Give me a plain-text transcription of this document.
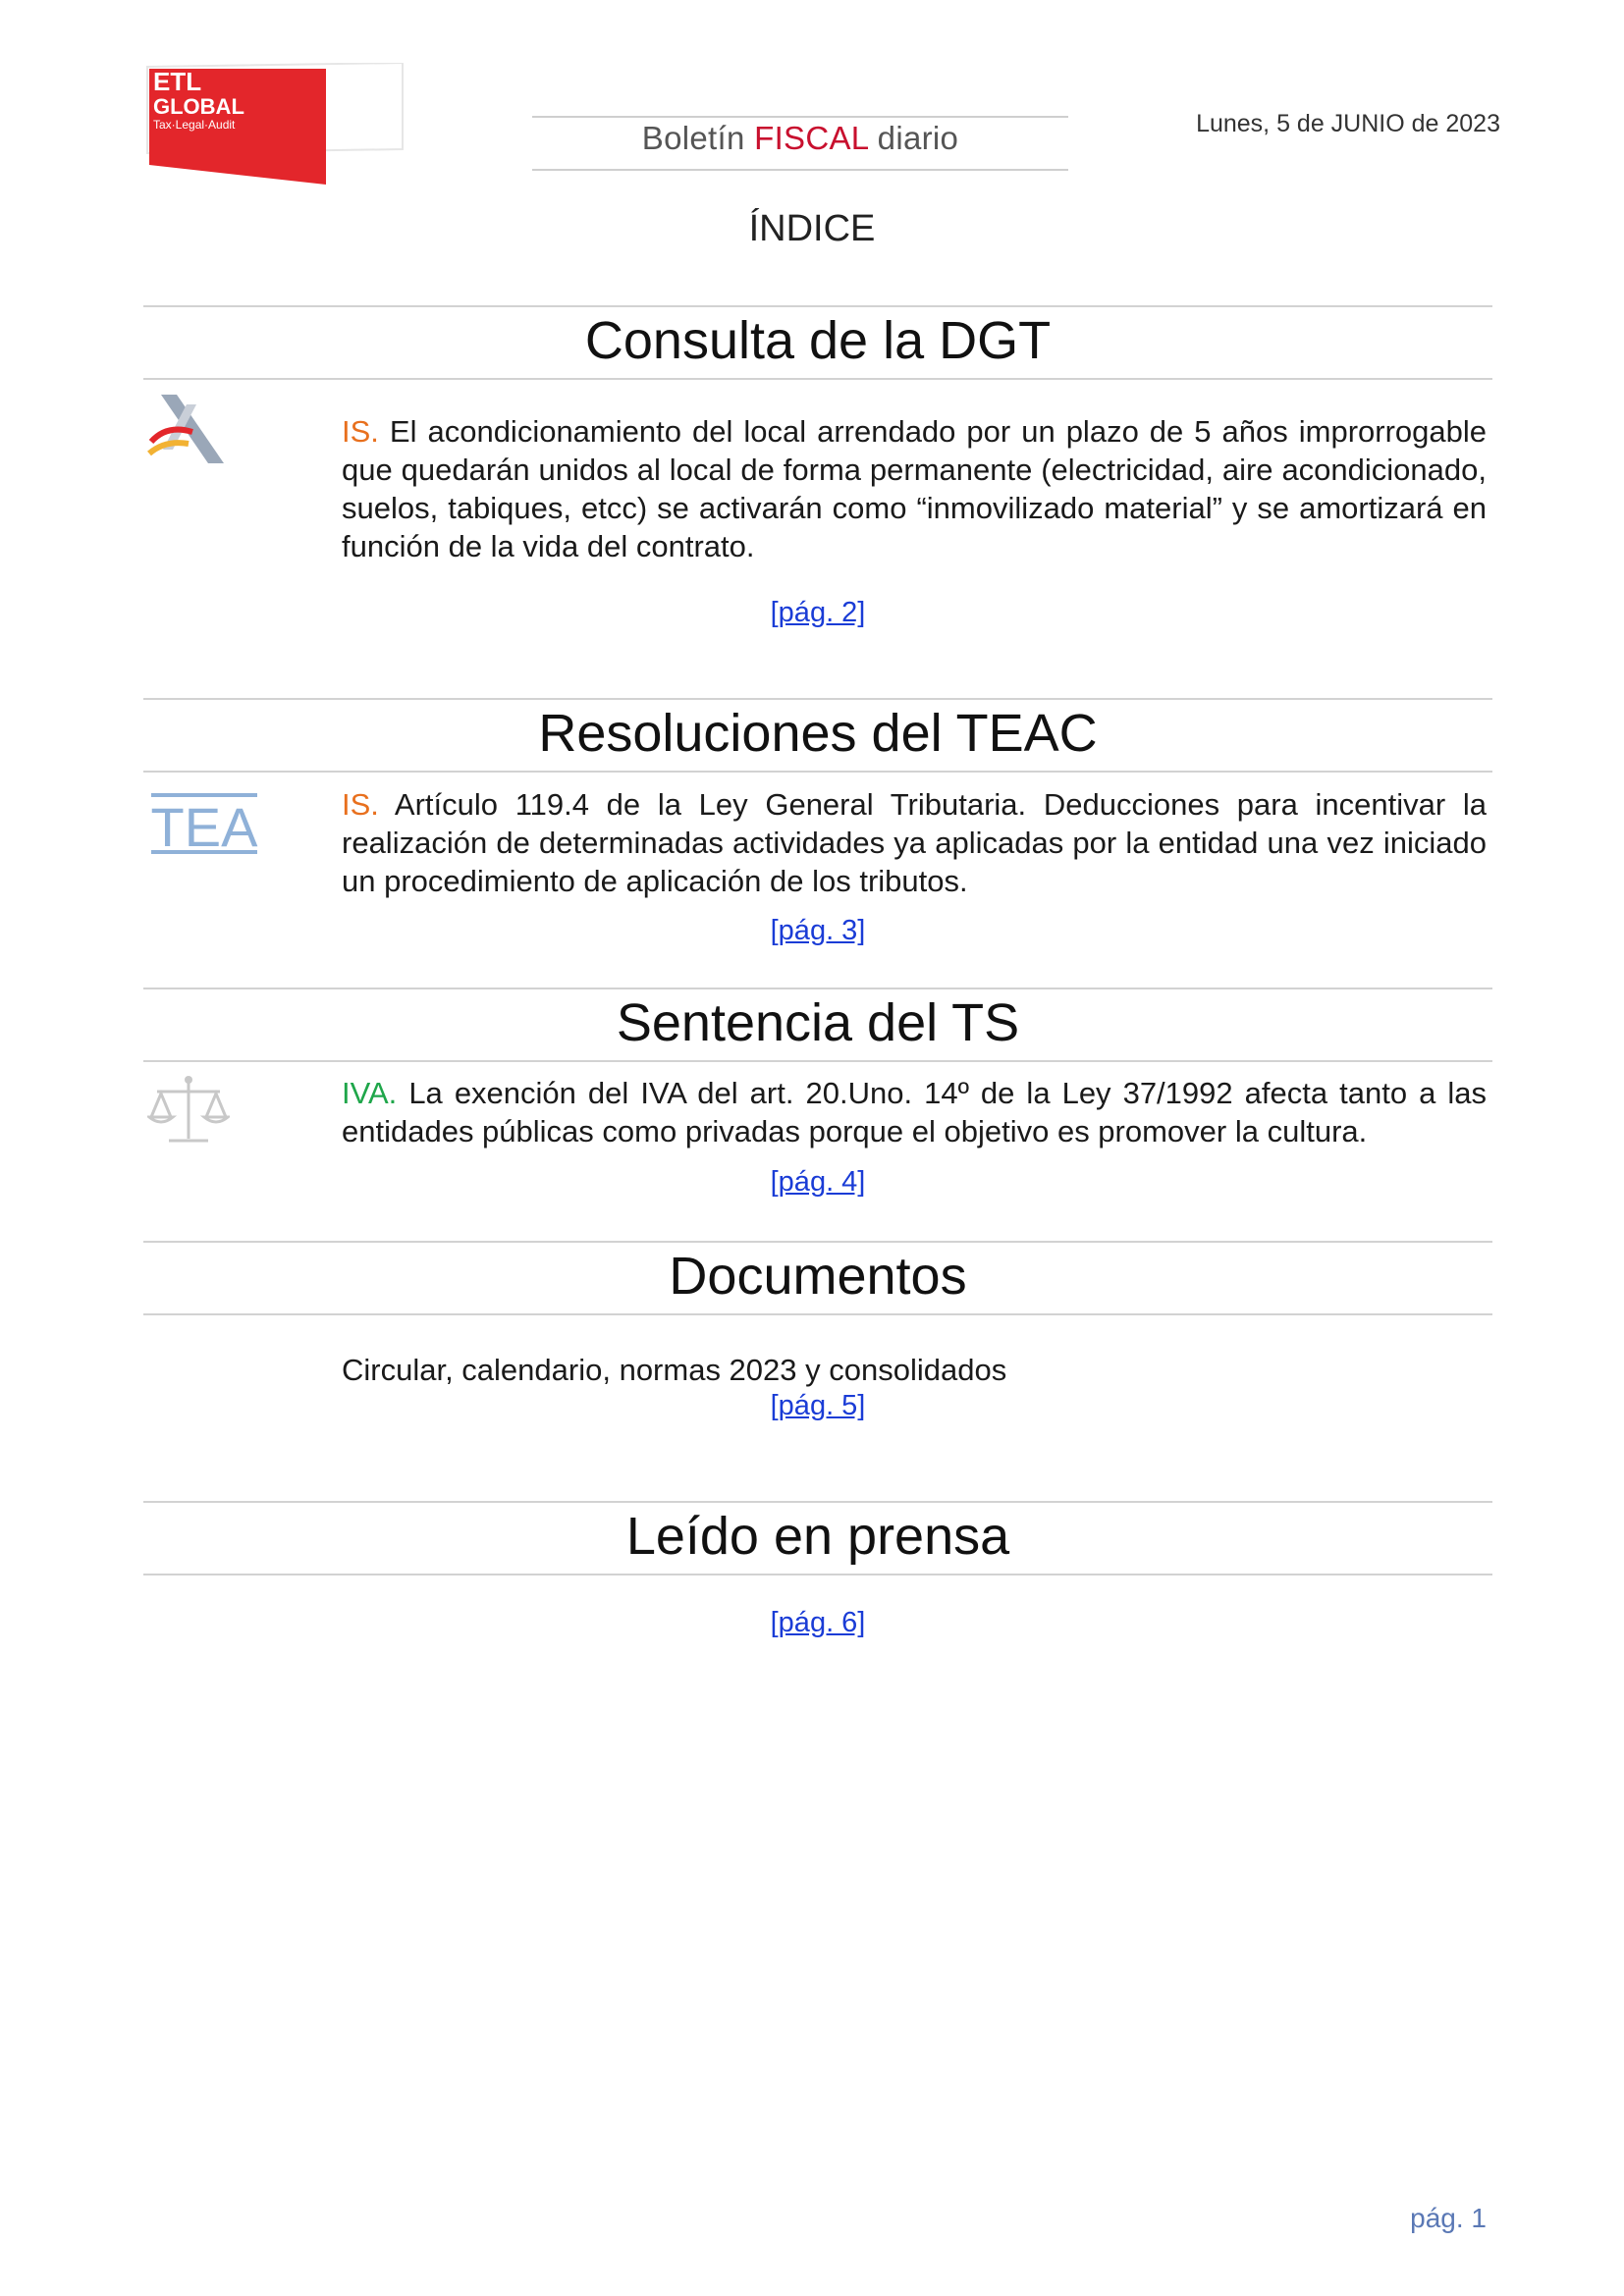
ETL
GLOBAL
Tax·Legal·Audit	Boletín FISCAL diario	Lunes, 5 de JUNIO de 2023
ÍNDICE
Consulta de la DGT
IS. El acondicionamiento del local arrendado por un plazo de 5 años improrrogable que quedarán unidos al local de forma permanente (electricidad, aire acondicionado, suelos, tabiques, etcc) se activarán como “inmovilizado material” y se amortizará en función de la vida del contrato.
[pág. 2]
Resoluciones del TEAC
TEA	IS. Artículo 119.4 de la Ley General Tributaria. Deducciones para incentivar la realización de determinadas actividades ya aplicadas por la entidad una vez iniciado un procedimiento de aplicación de los tributos.
[pág. 3]
Sentencia del TS
IVA. La exención del IVA del art. 20.Uno. 14º de la Ley 37/1992 afecta tanto a las entidades públicas como privadas porque el objetivo es promover la cultura.
[pág. 4]
Documentos
Circular, calendario, normas 2023 y consolidados
[pág. 5]
Leído en prensa
[pág. 6]
pág. 1
